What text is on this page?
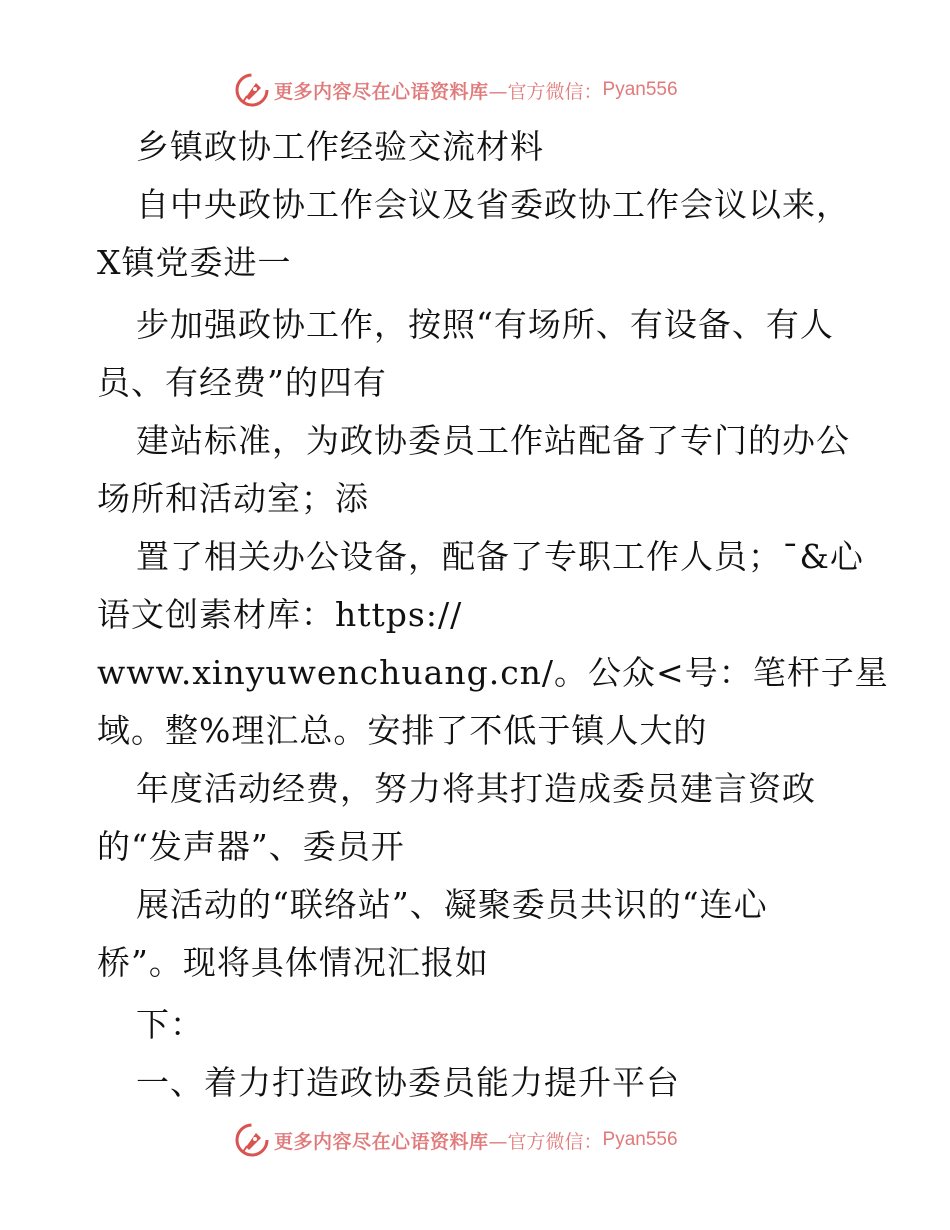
更多内容尽在心语资料库 —官方微信： Pyan556
乡镇政协工作经验交流材料
自中央政协工作会议及省委政协工作会议以来，
X镇党委进一
步加强政协工作，按照“有场所、有设备、有人
员、有经费”的四有
建站标准，为政协委员工作站配备了专门的办公
场所和活动室；添
置了相关办公设备，配备了专职工作人员；¯&心
语文创素材库：https://
www.xinyuwenchuang.cn/。公众<号：笔杆子星
域。整%理汇总。安排了不低于镇人大的
年度活动经费，努力将其打造成委员建言资政
的“发声器”、委员开
展活动的“联络站”、凝聚委员共识的“连心
桥”。现将具体情况汇报如
下：
一、着力打造政协委员能力提升平台
更多内容尽在心语资料库 —官方微信： Pyan556
